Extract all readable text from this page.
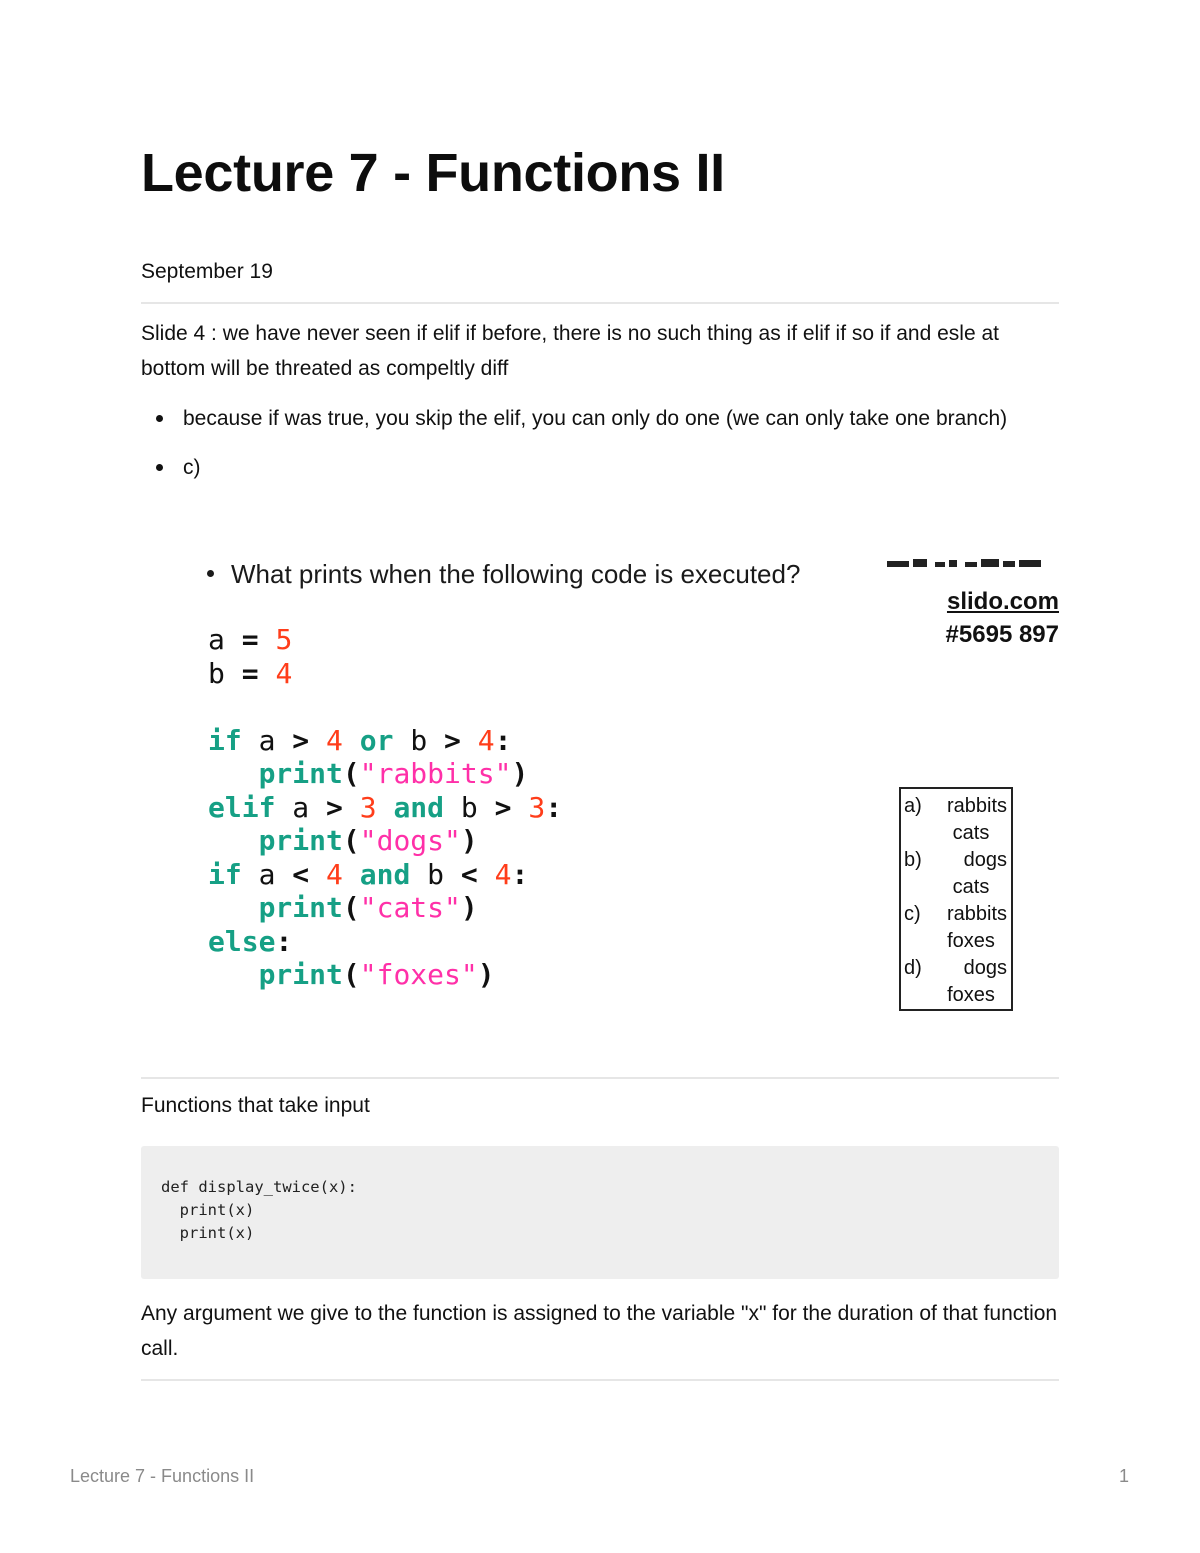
Lecture 7 - Functions II
September 19

Slide 4 : we have never seen if elif if before, there is no such thing as if elif if so if and esle at bottom will be threated as compeltly diff

because if was true, you skip the elif, you can only do one (we can only take one branch)
c)
What prints when the following code is executed?
slido.com
#5695 897
a = 5
b = 4

if a > 4 or b > 4:
print("rabbits")
elif a > 3 and b > 3:
print("dogs")
if a < 4 and b < 4:
print("cats")
else:
print("foxes")
a)	rabbits
cats
b)	dogs
cats
c)	rabbits
foxes
d)	dogs
foxes
Functions that take input
def display_twice(x):
print(x)
print(x)

Any argument we give to the function is assigned to the variable "x" for the duration of that function call.

Lecture 7 - Functions II	1
